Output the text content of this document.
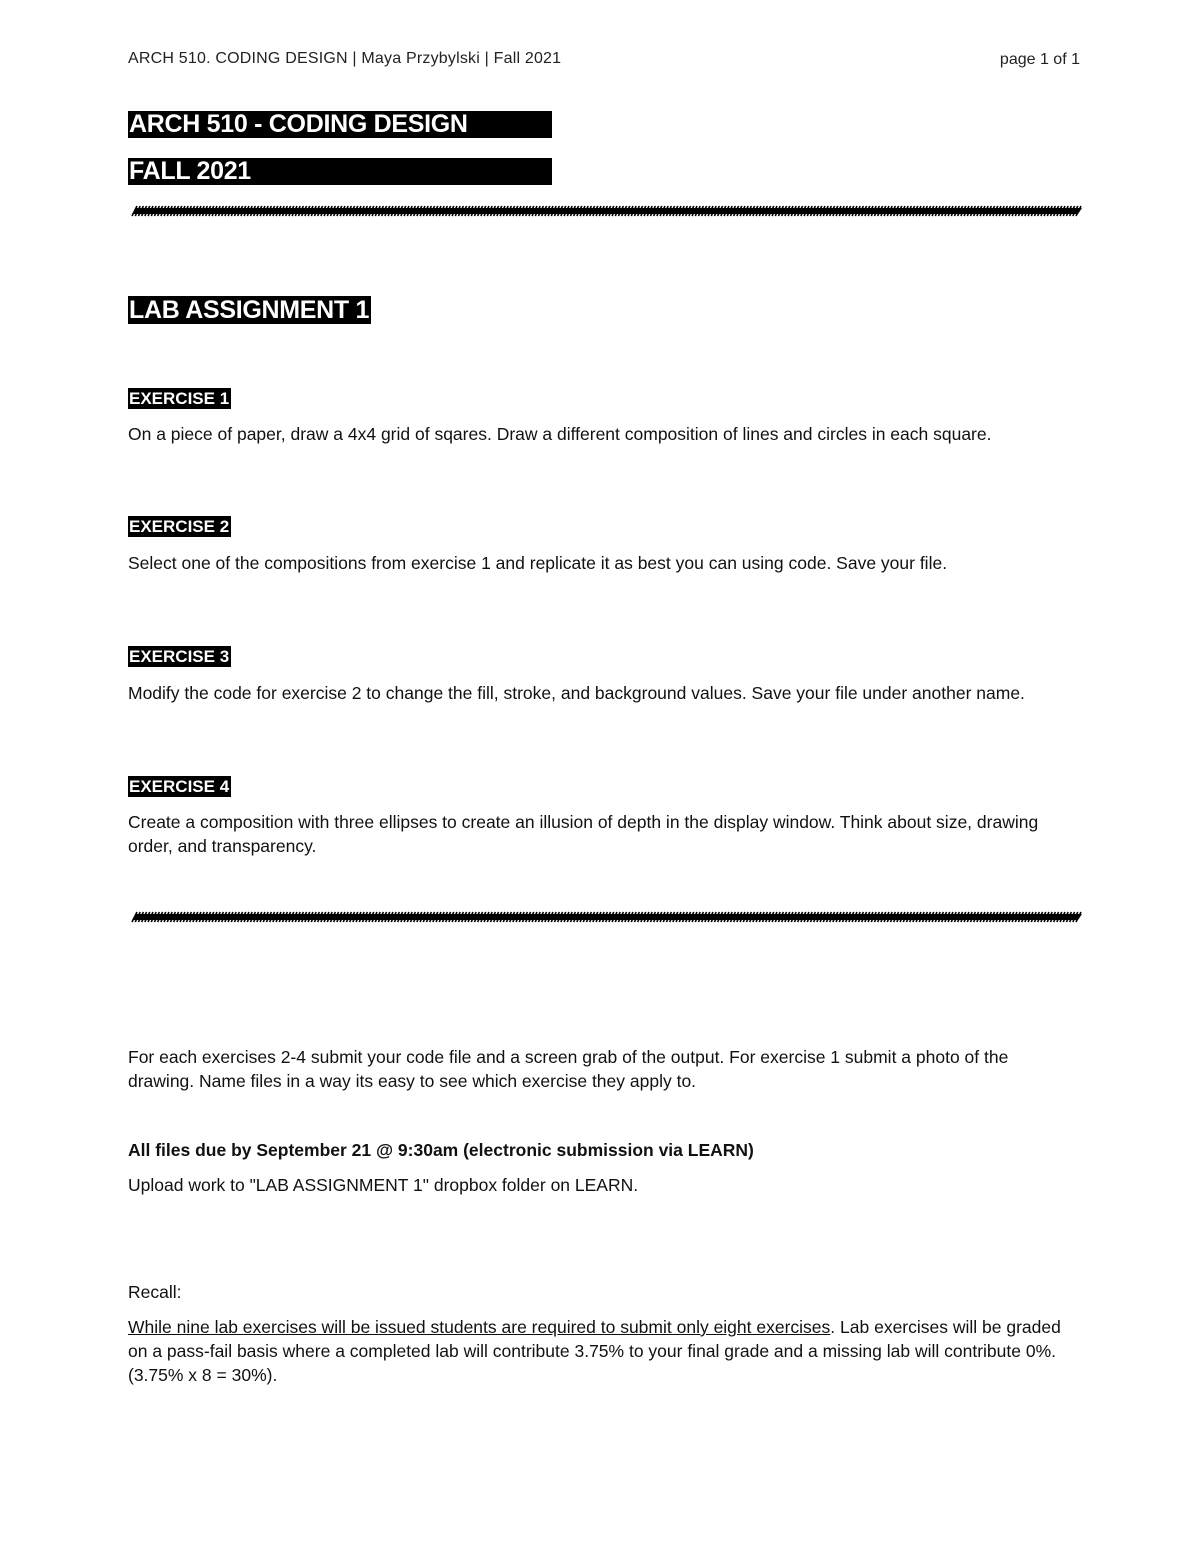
ARCH 510. CODING DESIGN | Maya Przybylski | Fall 2021	page 1 of 1
ARCH 510 - CODING DESIGN
FALL 2021
LAB ASSIGNMENT 1
EXERCISE 1
On a piece of paper, draw a 4x4 grid of sqares. Draw a different composition of lines and circles in each square.
EXERCISE 2
Select one of the compositions from exercise 1 and replicate it as best you can using code. Save your file.
EXERCISE 3
Modify the code for exercise 2 to change the fill, stroke, and background values. Save your file under another name.
EXERCISE 4
Create a composition with three ellipses to create an illusion of depth in the display window. Think about size, drawing order, and transparency.
For each exercises 2-4 submit your code file and a screen grab of the output. For exercise 1 submit a photo of the drawing. Name files in a way its easy to see which exercise they apply to.
All files due by September 21 @ 9:30am (electronic submission via LEARN)
Upload work to "LAB ASSIGNMENT 1" dropbox folder on LEARN.
Recall:
While nine lab exercises will be issued students are required to submit only eight exercises. Lab exercises will be graded on a pass-fail basis where a completed lab will contribute 3.75% to your final grade and a missing lab will contribute 0%. (3.75% x 8 = 30%).
